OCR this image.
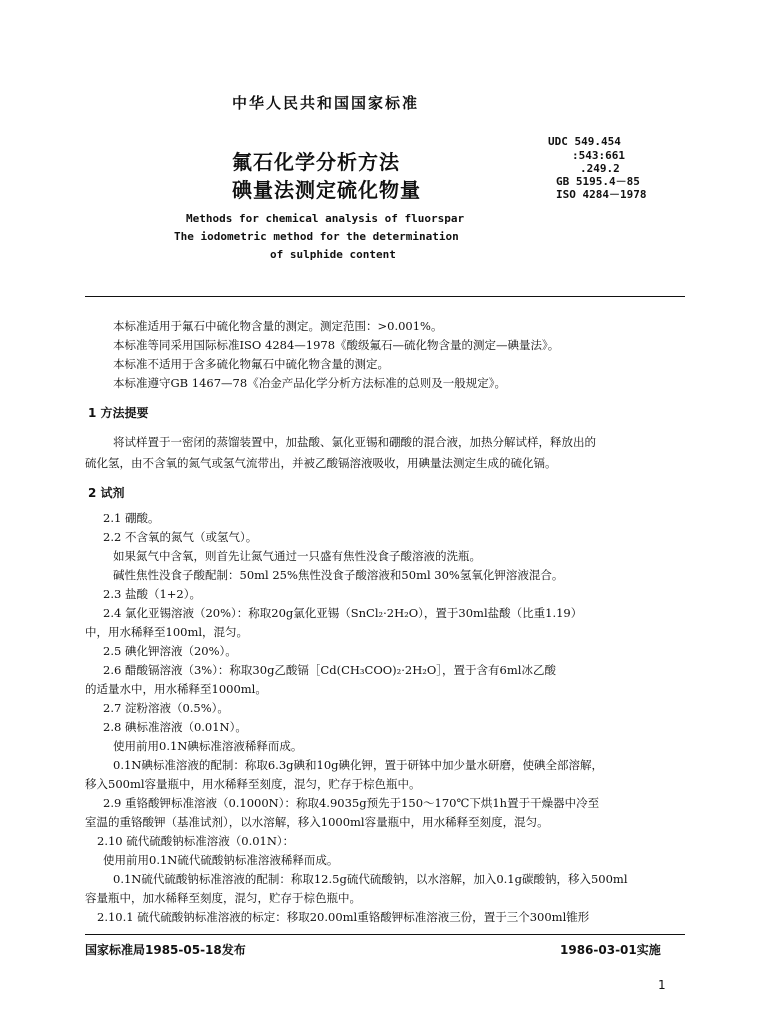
中华人民共和国国家标准
氟石化学分析方法
碘量法测定硫化物量
UDC 549.454
:543:661
.249.2
GB 5195.4－85
ISO 4284－1978
Methods for chemical analysis of fluorspar
The iodometric method for the determination
of sulphide content
本标准适用于氟石中硫化物含量的测定。测定范围：>0.001%。
本标准等同采用国际标准ISO 4284—1978《酸级氟石—硫化物含量的测定—碘量法》。
本标准不适用于含多硫化物氟石中硫化物含量的测定。
本标准遵守GB 1467—78《冶金产品化学分析方法标准的总则及一般规定》。
1 方法提要
将试样置于一密闭的蒸馏装置中，加盐酸、氯化亚锡和硼酸的混合液，加热分解试样，释放出的
硫化氢，由不含氧的氮气或氢气流带出，并被乙酸镉溶液吸收，用碘量法测定生成的硫化镉。
2 试剂
2.1 硼酸。
2.2 不含氧的氮气（或氢气）。
如果氮气中含氧，则首先让氮气通过一只盛有焦性没食子酸溶液的洗瓶。
碱性焦性没食子酸配制：50ml 25%焦性没食子酸溶液和50ml 30%氢氧化钾溶液混合。
2.3 盐酸（1+2）。
2.4 氯化亚锡溶液（20%）：称取20g氯化亚锡（SnCl₂·2H₂O），置于30ml盐酸（比重1.19）
中，用水稀释至100ml，混匀。
2.5 碘化钾溶液（20%）。
2.6 醋酸镉溶液（3%）：称取30g乙酸镉［Cd(CH₃COO)₂·2H₂O］，置于含有6ml冰乙酸
的适量水中，用水稀释至1000ml。
2.7 淀粉溶液（0.5%）。
2.8 碘标准溶液（0.01N）。
使用前用0.1N碘标准溶液稀释而成。
0.1N碘标准溶液的配制：称取6.3g碘和10g碘化钾，置于研钵中加少量水研磨，使碘全部溶解，
移入500ml容量瓶中，用水稀释至刻度，混匀，贮存于棕色瓶中。
2.9 重铬酸钾标准溶液（0.1000N）：称取4.9035g预先于150～170℃下烘1h置于干燥器中冷至
室温的重铬酸钾（基准试剂），以水溶解，移入1000ml容量瓶中，用水稀释至刻度，混匀。
2.10 硫代硫酸钠标准溶液（0.01N）：
使用前用0.1N硫代硫酸钠标准溶液稀释而成。
0.1N硫代硫酸钠标准溶液的配制：称取12.5g硫代硫酸钠，以水溶解，加入0.1g碳酸钠，移入500ml
容量瓶中，加水稀释至刻度，混匀，贮存于棕色瓶中。
2.10.1 硫代硫酸钠标准溶液的标定：移取20.00ml重铬酸钾标准溶液三份，置于三个300ml锥形
国家标准局1985-05-18发布	1986-03-01实施
1
